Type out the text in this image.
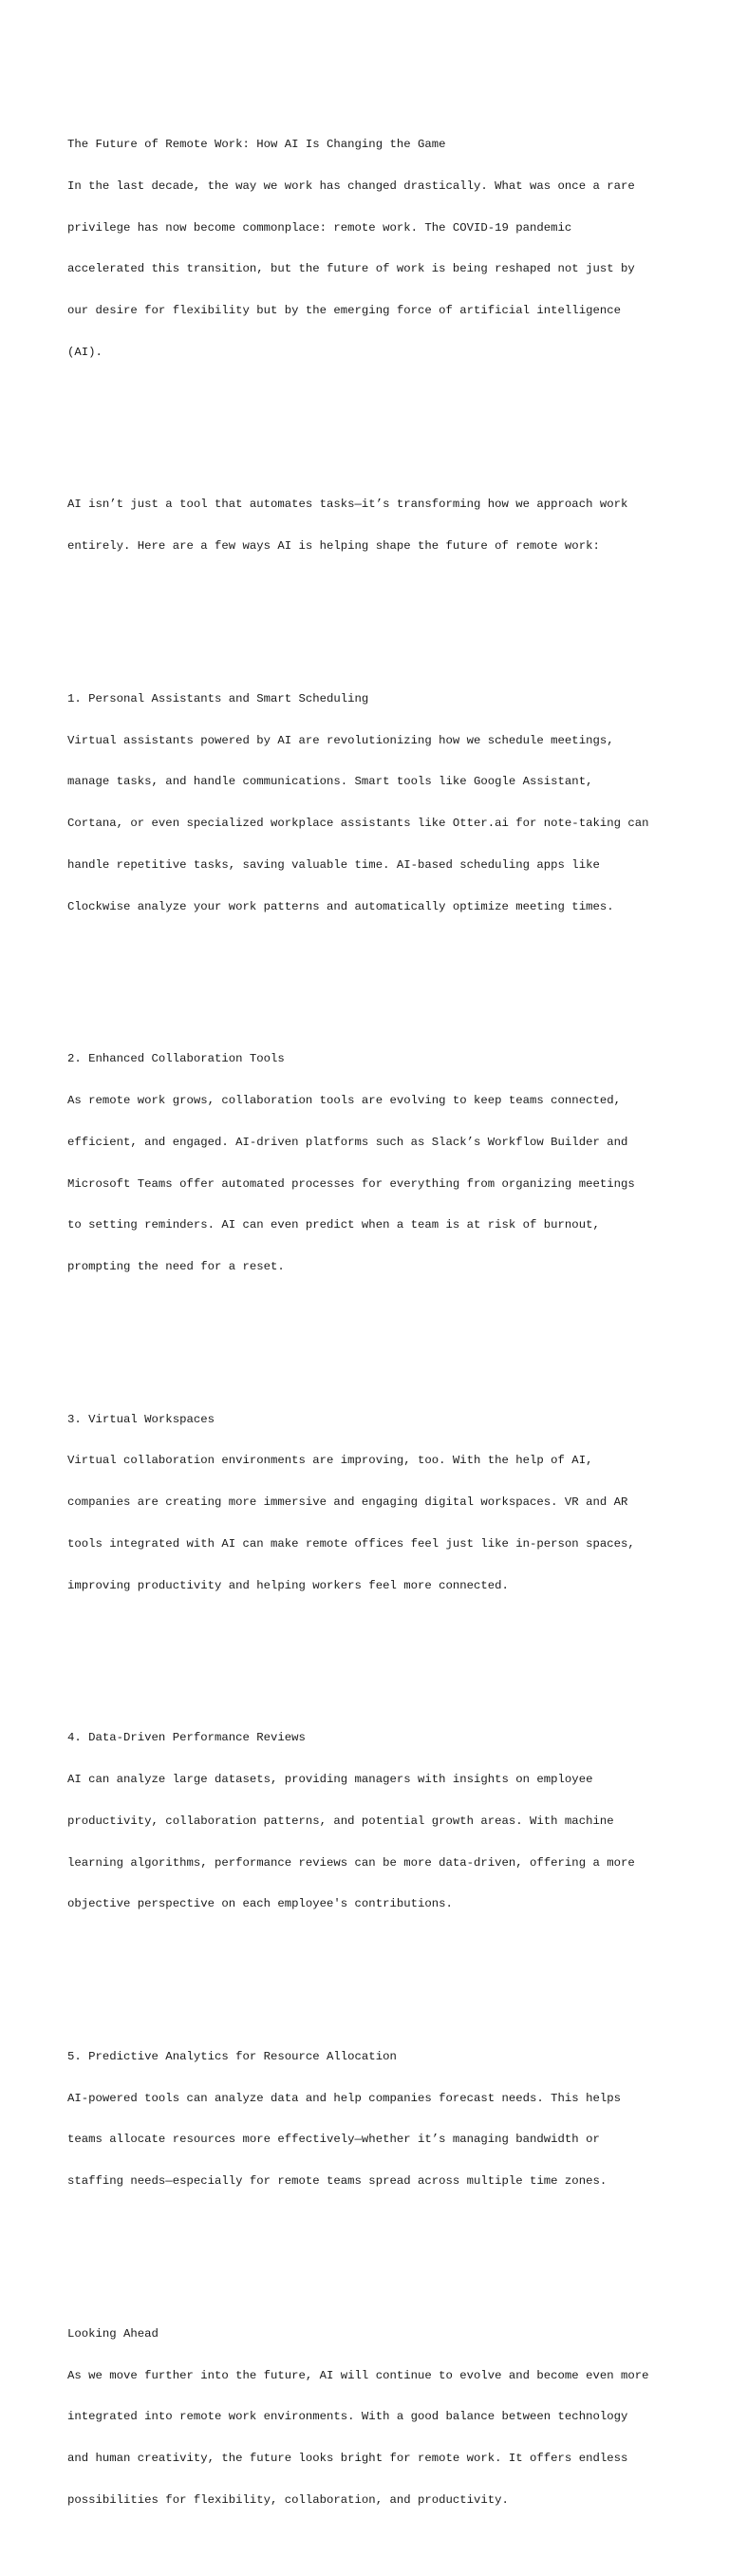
The Future of Remote Work: How AI Is Changing the Game

In the last decade, the way we work has changed drastically. What was once a rare

privilege has now become commonplace: remote work. The COVID-19 pandemic

accelerated this transition, but the future of work is being reshaped not just by

our desire for flexibility but by the emerging force of artificial intelligence

(AI).

AI isn’t just a tool that automates tasks—it’s transforming how we approach work

entirely. Here are a few ways AI is helping shape the future of remote work:

1. Personal Assistants and Smart Scheduling

Virtual assistants powered by AI are revolutionizing how we schedule meetings,

manage tasks, and handle communications. Smart tools like Google Assistant,

Cortana, or even specialized workplace assistants like Otter.ai for note-taking can

handle repetitive tasks, saving valuable time. AI-based scheduling apps like

Clockwise analyze your work patterns and automatically optimize meeting times.

2. Enhanced Collaboration Tools

As remote work grows, collaboration tools are evolving to keep teams connected,

efficient, and engaged. AI-driven platforms such as Slack’s Workflow Builder and

Microsoft Teams offer automated processes for everything from organizing meetings

to setting reminders. AI can even predict when a team is at risk of burnout,

prompting the need for a reset.

3. Virtual Workspaces

Virtual collaboration environments are improving, too. With the help of AI,

companies are creating more immersive and engaging digital workspaces. VR and AR

tools integrated with AI can make remote offices feel just like in-person spaces,

improving productivity and helping workers feel more connected.

4. Data-Driven Performance Reviews

AI can analyze large datasets, providing managers with insights on employee

productivity, collaboration patterns, and potential growth areas. With machine

learning algorithms, performance reviews can be more data-driven, offering a more

objective perspective on each employee's contributions.

5. Predictive Analytics for Resource Allocation

AI-powered tools can analyze data and help companies forecast needs. This helps

teams allocate resources more effectively—whether it’s managing bandwidth or

staffing needs—especially for remote teams spread across multiple time zones.

Looking Ahead

As we move further into the future, AI will continue to evolve and become even more

integrated into remote work environments. With a good balance between technology

and human creativity, the future looks bright for remote work. It offers endless

possibilities for flexibility, collaboration, and productivity.
